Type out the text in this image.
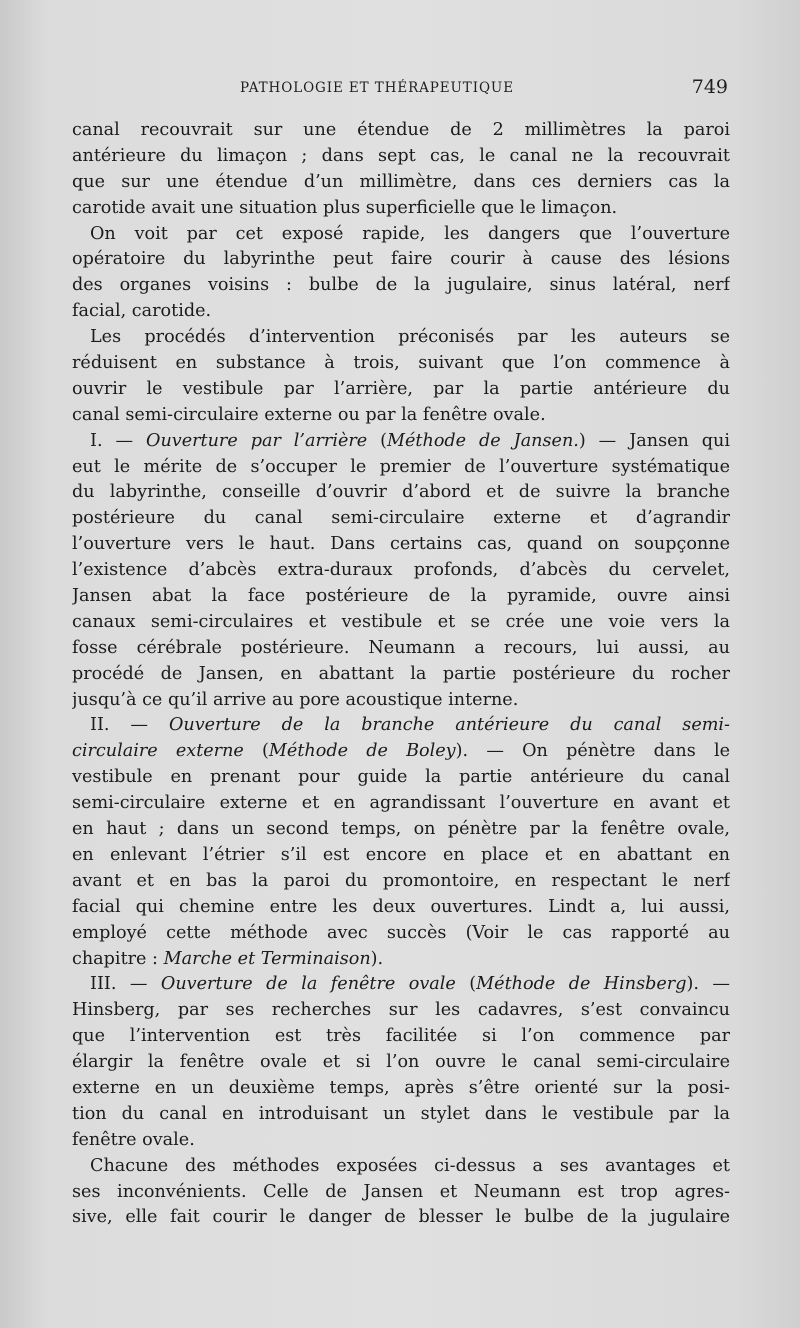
PATHOLOGIE ET THÉRAPEUTIQUE	749
canal recouvrait sur une étendue de 2 millimètres la paroi
antérieure du limaçon ; dans sept cas, le canal ne la recouvrait
que sur une étendue d’un millimètre, dans ces derniers cas la
carotide avait une situation plus superficielle que le limaçon.
On voit par cet exposé rapide, les dangers que l’ouverture
opératoire du labyrinthe peut faire courir à cause des lésions
des organes voisins : bulbe de la jugulaire, sinus latéral, nerf
facial, carotide.
Les procédés d’intervention préconisés par les auteurs se
réduisent en substance à trois, suivant que l’on commence à
ouvrir le vestibule par l’arrière, par la partie antérieure du
canal semi-circulaire externe ou par la fenêtre ovale.
I. — Ouverture par l’arrière (Méthode de Jansen.) — Jansen qui
eut le mérite de s’occuper le premier de l’ouverture systématique
du labyrinthe, conseille d’ouvrir d’abord et de suivre la branche
postérieure du canal semi-circulaire externe et d’agrandir
l’ouverture vers le haut. Dans certains cas, quand on soupçonne
l’existence d’abcès extra-duraux profonds, d’abcès du cervelet,
Jansen abat la face postérieure de la pyramide, ouvre ainsi
canaux semi-circulaires et vestibule et se crée une voie vers la
fosse cérébrale postérieure. Neumann a recours, lui aussi, au
procédé de Jansen, en abattant la partie postérieure du rocher
jusqu’à ce qu’il arrive au pore acoustique interne.
II. — Ouverture de la branche antérieure du canal semi-
circulaire externe (Méthode de Boley). — On pénètre dans le
vestibule en prenant pour guide la partie antérieure du canal
semi-circulaire externe et en agrandissant l’ouverture en avant et
en haut ; dans un second temps, on pénètre par la fenêtre ovale,
en enlevant l’étrier s’il est encore en place et en abattant en
avant et en bas la paroi du promontoire, en respectant le nerf
facial qui chemine entre les deux ouvertures. Lindt a, lui aussi,
employé cette méthode avec succès (Voir le cas rapporté au
chapitre : Marche et Terminaison).
III. — Ouverture de la fenêtre ovale (Méthode de Hinsberg). —
Hinsberg, par ses recherches sur les cadavres, s’est convaincu
que l’intervention est très facilitée si l’on commence par
élargir la fenêtre ovale et si l’on ouvre le canal semi-circulaire
externe en un deuxième temps, après s’être orienté sur la posi-
tion du canal en introduisant un stylet dans le vestibule par la
fenêtre ovale.
Chacune des méthodes exposées ci-dessus a ses avantages et
ses inconvénients. Celle de Jansen et Neumann est trop agres-
sive, elle fait courir le danger de blesser le bulbe de la jugulaire
